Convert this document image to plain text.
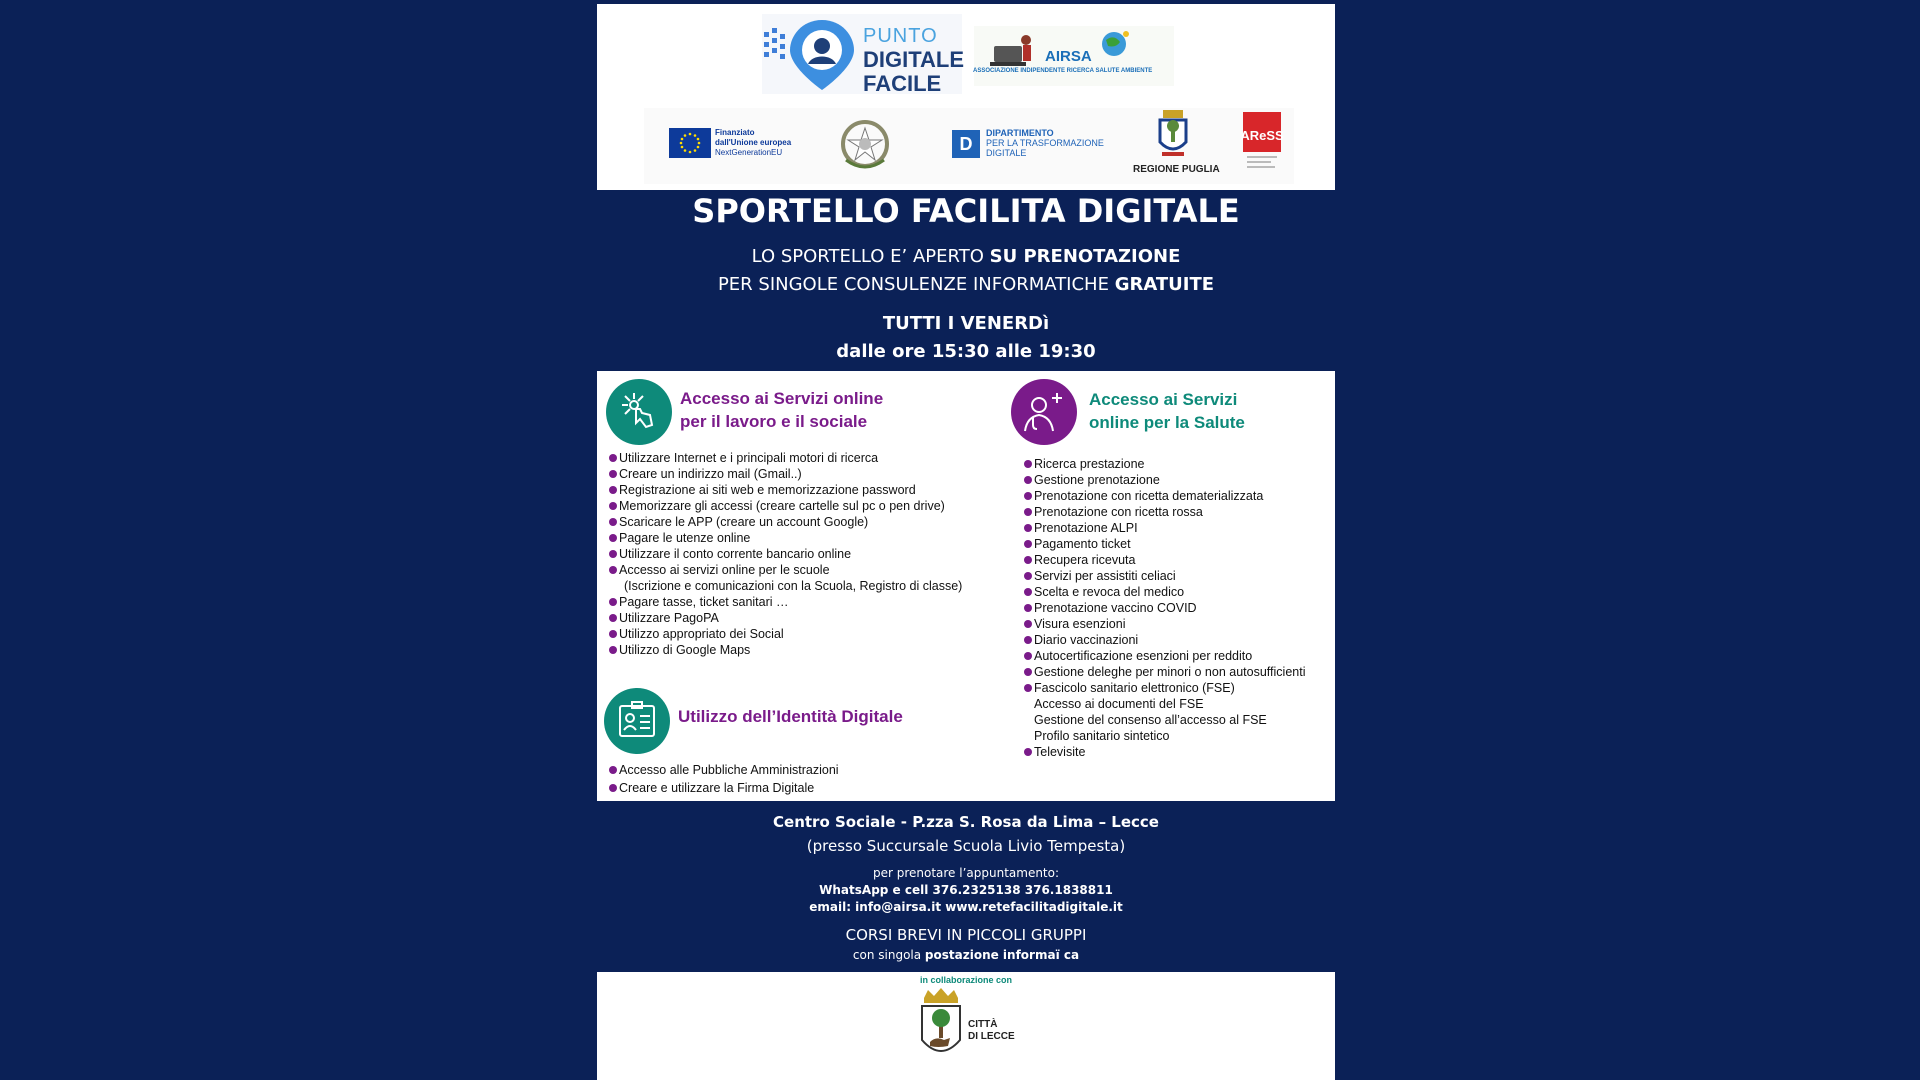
PUNTO
DIGITALE
FACILE
AIRSA
ASSOCIAZIONE INDIPENDENTE RICERCA SALUTE AMBIENTE
Finanziato
dall'Unione europea
NextGenerationEU	D
DIPARTIMENTO
PER LA TRASFORMAZIONE
DIGITALE
REGIONE PUGLIA
AReSS
SPORTELLO FACILITA DIGITALE
LO SPORTELLO E’ APERTO SU PRENOTAZIONE
PER SINGOLE CONSULENZE INFORMATICHE GRATUITE
TUTTI I VENERDì
dalle ore 15:30 alle 19:30
Accesso ai Servizi online
per il lavoro e il sociale
Utilizzare Internet e i principali motori di ricerca
Creare un indirizzo mail (Gmail..)
Registrazione ai siti web e memorizzazione password
Memorizzare gli accessi (creare cartelle sul pc o pen drive)
Scaricare le APP (creare un account Google)
Pagare le utenze online
Utilizzare il conto corrente bancario online
Accesso ai servizi online per le scuole
(Iscrizione e comunicazioni con la Scuola, Registro di classe)
Pagare tasse, ticket sanitari …
Utilizzare PagoPA
Utilizzo appropriato dei Social
Utilizzo di Google Maps
Utilizzo dell’Identità Digitale
Accesso alle Pubbliche Amministrazioni
Creare e utilizzare la Firma Digitale
Accesso ai Servizi
online per la Salute
Ricerca prestazione
Gestione prenotazione
Prenotazione con ricetta dematerializzata
Prenotazione con ricetta rossa
Prenotazione ALPI
Pagamento ticket
Recupera ricevuta
Servizi per assistiti celiaci
Scelta e revoca del medico
Prenotazione vaccino COVID
Visura esenzioni
Diario vaccinazioni
Autocertificazione esenzioni per reddito
Gestione deleghe per minori o non autosufficienti
Fascicolo sanitario elettronico (FSE)
Accesso ai documenti del FSE
Gestione del consenso all’accesso al FSE
Profilo sanitario sintetico
Televisite
Centro Sociale - P.zza S. Rosa da Lima – Lecce
(presso Succursale Scuola Livio Tempesta)
per prenotare l’appuntamento:
WhatsApp e cell 376.2325138 376.1838811
email: info@airsa.it www.retefacilitadigitale.it
CORSI BREVI IN PICCOLI GRUPPI
con singola postazione informaї ca
in collaborazione con
CITTÀ
DI LECCE
